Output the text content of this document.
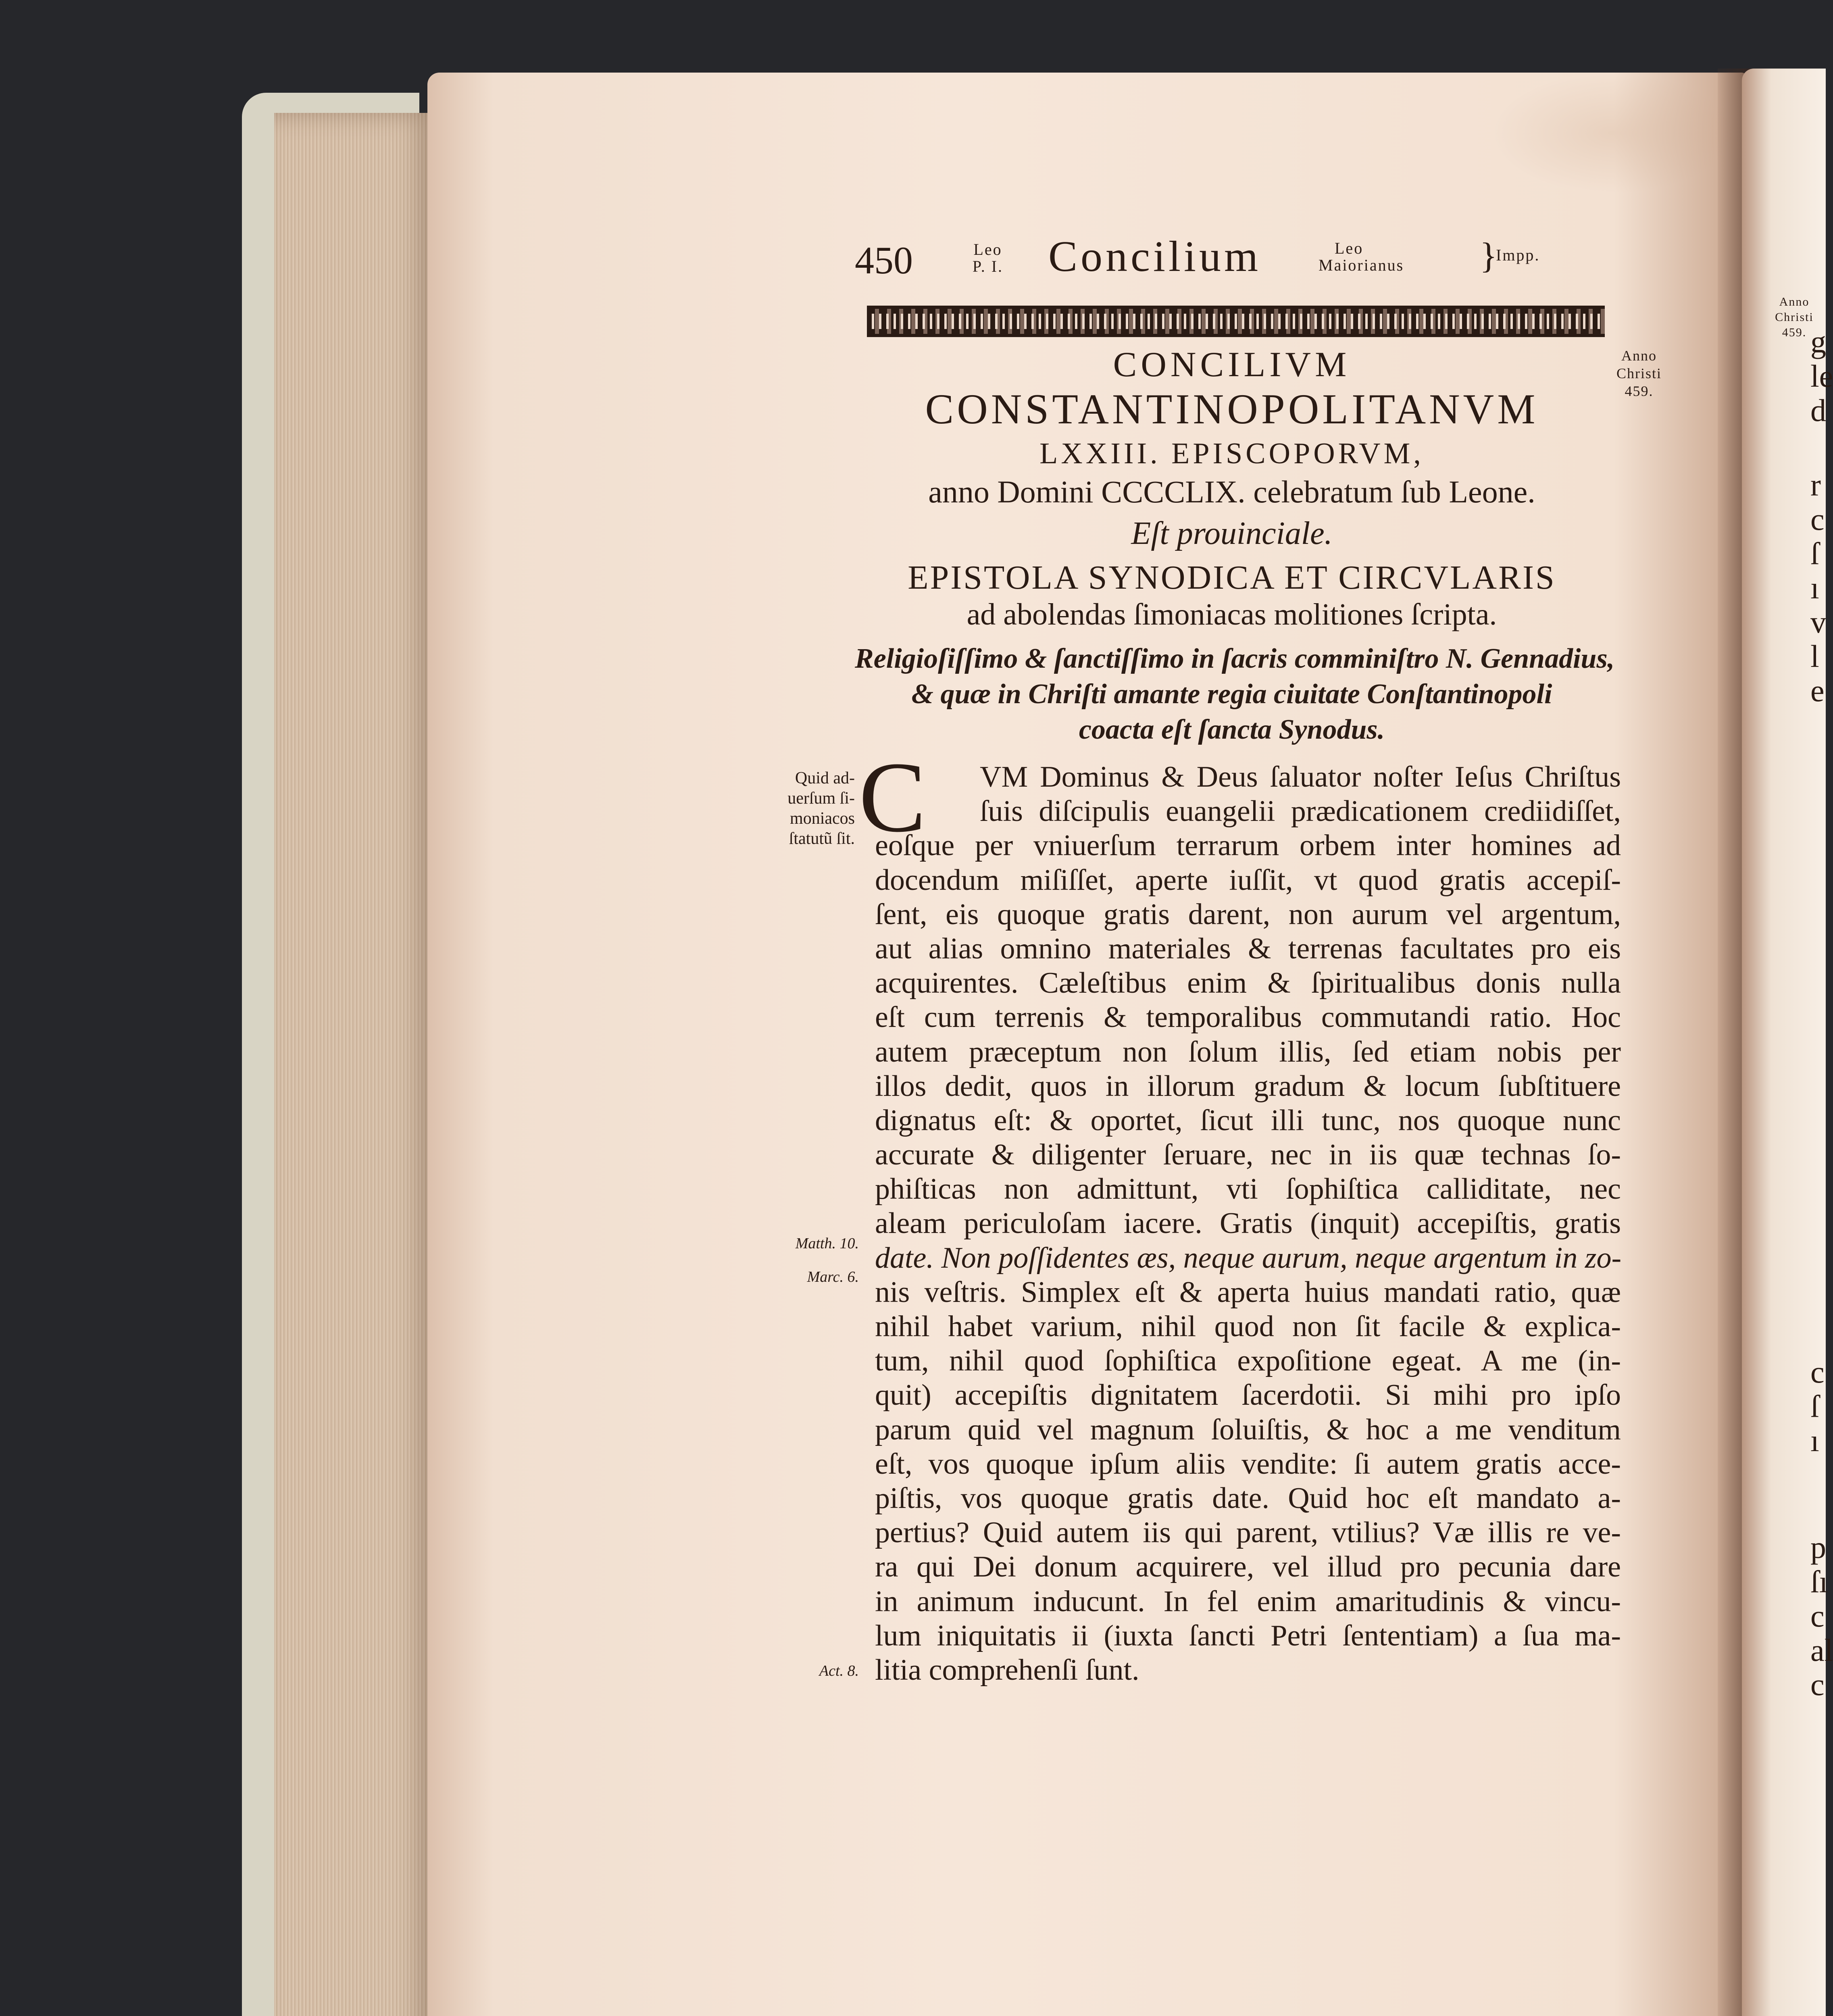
450	Leo
P. I. Concilium	Leo
Maiorianus }
Impp.
CONCILIVM
CONSTANTINOPOLITANVM
LXXIII. EPISCOPORVM,
anno Domini CCCCLIX. celebratum ſub Leone.
Eſt prouinciale.
EPISTOLA SYNODICA ET CIRCVLARIS
ad abolendas ſimoniacas molitiones ſcripta.
Anno
Christi
459.
Religioſiſſimo & ſanctiſſimo in ſacris comminiſtro N. Gennadius,
& quæ in Chriſti amante regia ciuitate Conſtantinopoli
coacta eſt ſancta Synodus.
Quid ad-
uerſum ſi-
moniacos
ſtatutũ ſit.
Matth. 10.
Marc. 6.
Act. 8.
C	VM Dominus & Deus ſaluator noſter Ieſus Chriſtus
ſuis diſcipulis euangelii prædicationem crediidiſſet,
eoſque per vniuerſum terrarum orbem inter homines ad
docendum miſiſſet, aperte iuſſit, vt quod gratis accepiſ-
ſent, eis quoque gratis darent, non aurum vel argentum,
aut alias omnino materiales & terrenas facultates pro eis
acquirentes. Cæleſtibus enim & ſpiritualibus donis nulla
eſt cum terrenis & temporalibus commutandi ratio. Hoc
autem præceptum non ſolum illis, ſed etiam nobis per
illos dedit, quos in illorum gradum & locum ſubſtituere
dignatus eſt: & oportet, ſicut illi tunc, nos quoque nunc
accurate & diligenter ſeruare, nec in iis quæ technas ſo-
phiſticas non admittunt, vti ſophiſtica calliditate, nec
aleam periculoſam iacere. Gratis (inquit) accepiſtis, gratis
date. Non poſſidentes æs, neque aurum, neque argentum in zo-
nis veſtris. Simplex eſt & aperta huius mandati ratio, quæ
nihil habet varium, nihil quod non ſit facile & explica-
tum, nihil quod ſophiſtica expoſitione egeat. A me (in-
quit) accepiſtis dignitatem ſacerdotii. Si mihi pro ipſo
parum quid vel magnum ſoluiſtis, & hoc a me venditum
eſt, vos quoque ipſum aliis vendite: ſi autem gratis acce-
piſtis, vos quoque gratis date. Quid hoc eſt mandato a-
pertius? Quid autem iis qui parent, vtilius? Væ illis re ve-
ra qui Dei donum acquirere, vel illud pro pecunia dare
in animum inducunt. In fel enim amaritudinis & vincu-
lum iniquitatis ii (iuxta ſancti Petri ſententiam) a ſua ma-
litia comprehenſi ſunt.
Anno
Christi
459. g
le
d
r
c
ſ
ı
v
l
e
c
ſ
ı
p
ſı
c
al
c
